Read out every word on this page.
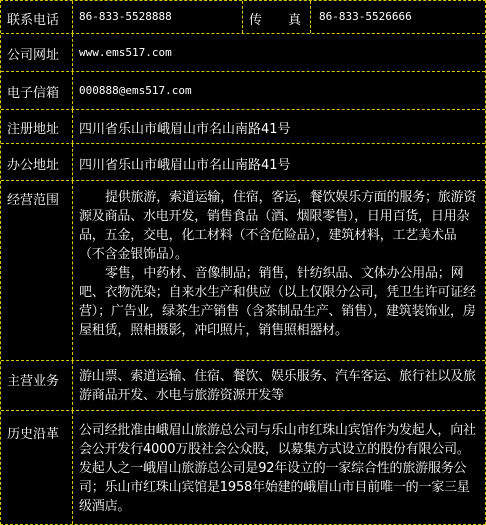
联系电话 86-833-5528888	传　　真 86-833-5526666
公司网址 www.ems517.com
电子信箱 000888@ems517.com
注册地址 四川省乐山市峨眉山市名山南路41号
办公地址 四川省乐山市峨眉山市名山南路41号
经营范围	提供旅游，索道运输，住宿，客运，餐饮娱乐方面的服务；旅游资源及商品、水电开发，销售食品（酒、烟限零售），日用百货，日用杂品，五金，交电，化工材料（不含危险品），建筑材料，工艺美术品（不含金银饰品）。

零售，中药材、音像制品；销售，针纺织品、文体办公用品；网吧、衣物洗染；自来水生产和供应（以上仅限分公司，凭卫生许可证经营）；广告业，绿茶生产销售（含茶制品生产、销售），建筑装饰业，房屋租赁，照相摄影，冲印照片，销售照相器材。

主营业务 游山票、索道运输、住宿、餐饮、娱乐服务、汽车客运、旅行社以及旅游商品开发、水电与旅游资源开发等
历史沿革 公司经批准由峨眉山旅游总公司与乐山市红珠山宾馆作为发起人，向社会公开发行4000万股社会公众股，以募集方式设立的股份有限公司。发起人之一峨眉山旅游总公司是92年设立的一家综合性的旅游服务公司；乐山市红珠山宾馆是1958年始建的峨眉山市目前唯一的一家三星级酒店。
